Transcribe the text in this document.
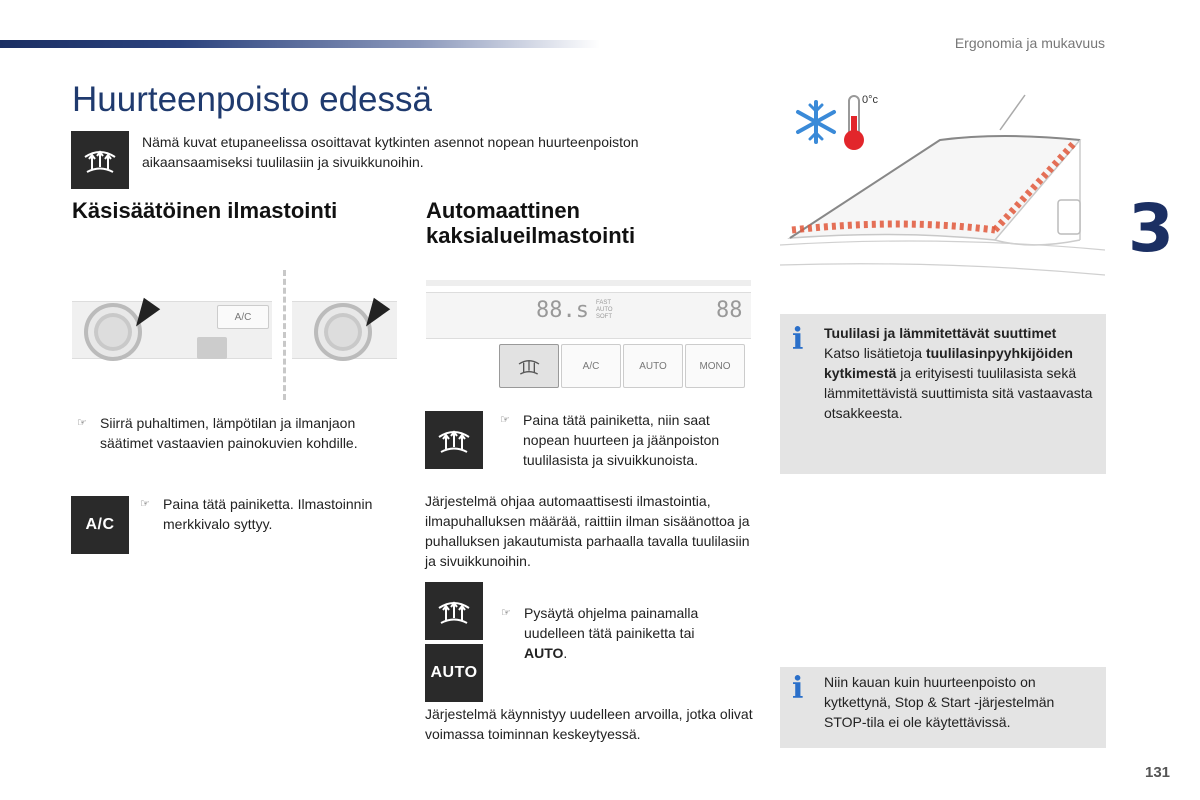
Ergonomia ja mukavuus
3
Huurteenpoisto edessä
Nämä kuvat etupaneelissa osoittavat kytkinten asennot nopean huurteenpoiston aikaansaamiseksi tuulilasiin ja sivuikkunoihin.
Käsisäätöinen ilmastointi
A/C
☞ Siirrä puhaltimen, lämpötilan ja ilmanjaon säätimet vastaavien painokuvien kohdille.
A/C
☞ Paina tätä painiketta. Ilmastoinnin merkkivalo syttyy.
Automaattinen
kaksialueilmastointi
88.s FAST AUTO SOFT	88
A/C	AUTO	MONO
☞ Paina tätä painiketta, niin saat nopean huurteen ja jäänpoiston tuulilasista ja sivuikkunoista.
Järjestelmä ohjaa automaattisesti ilmastointia, ilmapuhalluksen määrää, raittiin ilman sisäänottoa ja puhalluksen jakautumista parhaalla tavalla tuulilasiin ja sivuikkunoihin.
AUTO
☞ Pysäytä ohjelma painamalla uudelleen tätä painiketta tai AUTO.
Järjestelmä käynnistyy uudelleen arvoilla, jotka olivat voimassa toiminnan keskeytyessä.
0°c
i Tuulilasi ja lämmitettävät suuttimet
Katso lisätietoja tuulilasinpyyhkijöiden kytkimestä ja erityisesti tuulilasista sekä lämmitettävistä suuttimista sitä vastaavasta otsakkeesta.
i Niin kauan kuin huurteenpoisto on kytkettynä, Stop & Start -järjestelmän STOP-tila ei ole käytettävissä.
131
